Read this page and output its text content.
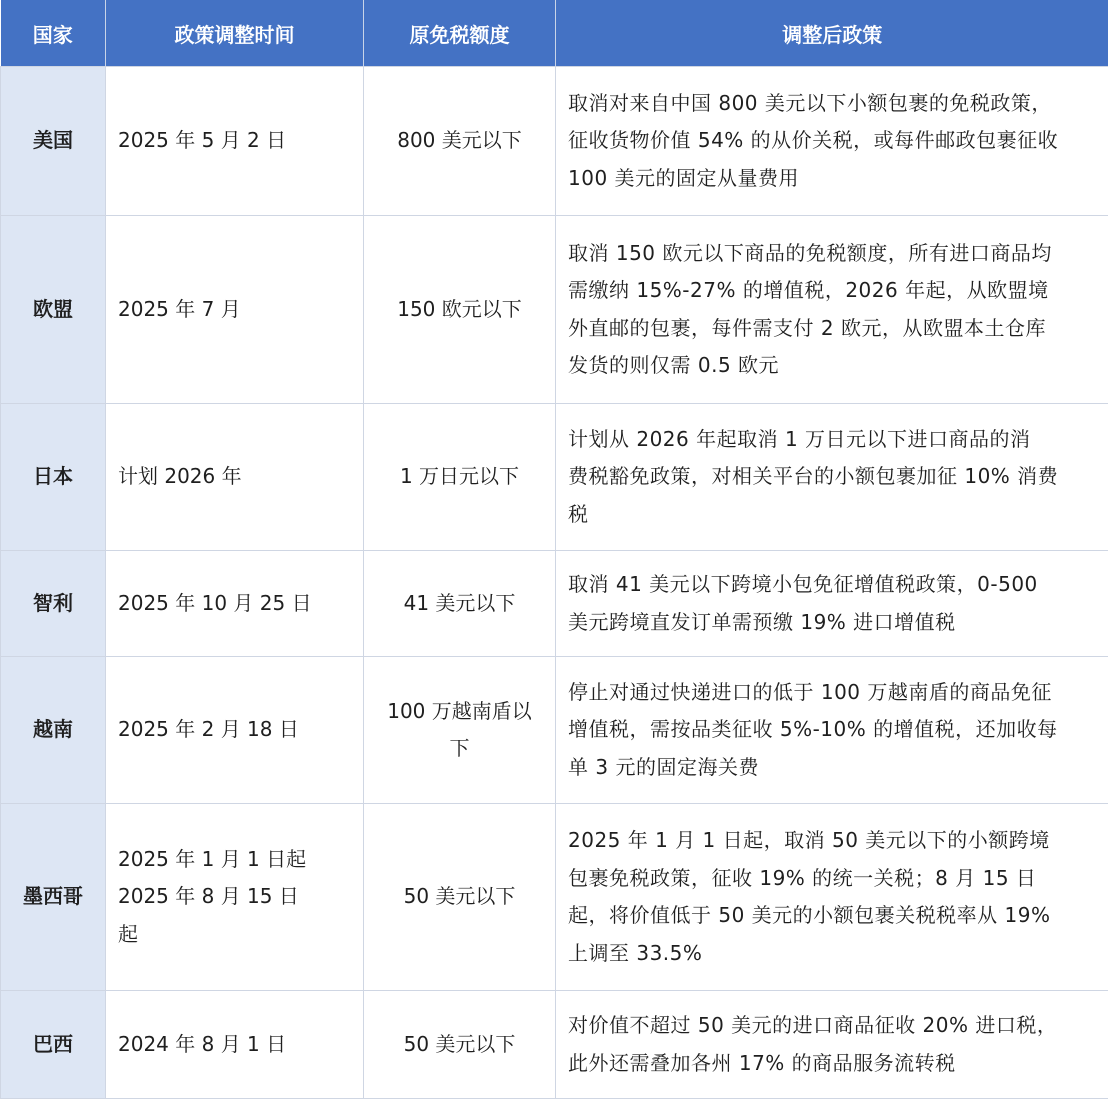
国家	政策调整时间	原免税额度	调整后政策
美国	2025 年 5 月 2 日	800 美元以下	取消对来自中国 800 美元以下小额包裹的免税政策，
征收货物价值 54% 的从价关税，或每件邮政包裹征收
100 美元的固定从量费用

欧盟	2025 年 7 月	150 欧元以下	取消 150 欧元以下商品的免税额度，所有进口商品均
需缴纳 15%-27% 的增值税，2026 年起，从欧盟境
外直邮的包裹，每件需支付 2 欧元，从欧盟本土仓库
发货的则仅需 0.5 欧元

日本	计划 2026 年	1 万日元以下	计划从 2026 年起取消 1 万日元以下进口商品的消
费税豁免政策，对相关平台的小额包裹加征 10% 消费
税

智利	2025 年 10 月 25 日	41 美元以下	取消 41 美元以下跨境小包免征增值税政策，0-500
美元跨境直发订单需预缴 19% 进口增值税

越南	2025 年 2 月 18 日	100 万越南盾以
下	停止对通过快递进口的低于 100 万越南盾的商品免征
增值税，需按品类征收 5%-10% 的增值税，还加收每
单 3 元的固定海关费

墨西哥	2025 年 1 月 1 日起
2025 年 8 月 15 日
起	50 美元以下	2025 年 1 月 1 日起，取消 50 美元以下的小额跨境
包裹免税政策，征收 19% 的统一关税；8 月 15 日
起，将价值低于 50 美元的小额包裹关税税率从 19%
上调至 33.5%

巴西	2024 年 8 月 1 日	50 美元以下	对价值不超过 50 美元的进口商品征收 20% 进口税，
此外还需叠加各州 17% 的商品服务流转税
